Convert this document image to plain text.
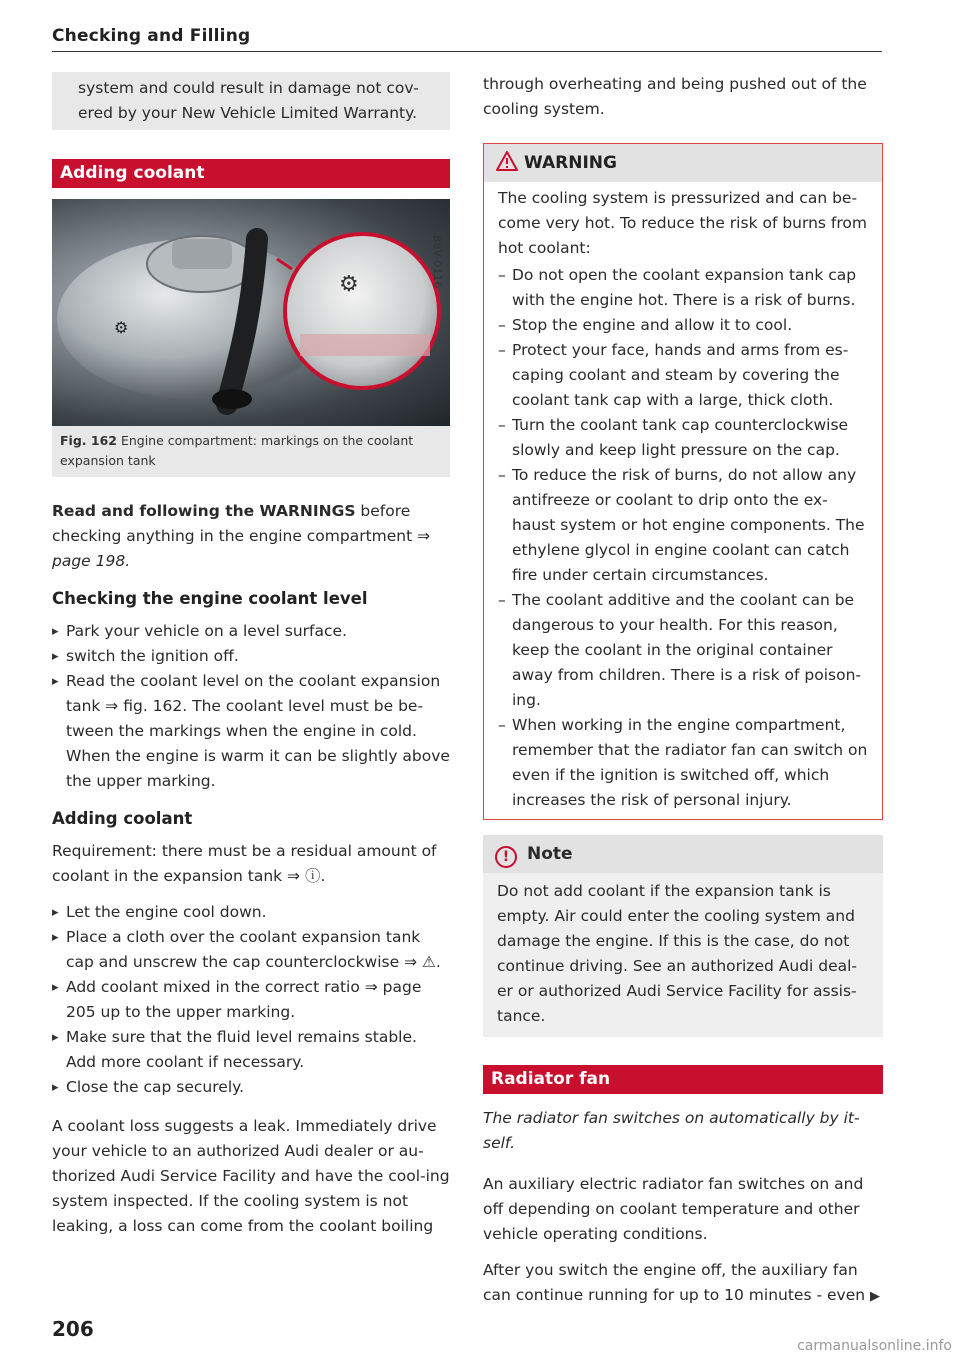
Checking and Filling

system and could result in damage not cov-ered by your New Vehicle Limited Warranty.

Adding coolant
⚙
⚙	B8V-0116
Fig. 162 Engine compartment: markings on the coolant expansion tank

Read and following the WARNINGS before checking anything in the engine compartment ⇒ page 198.

Checking the engine coolant level
▸ Park your vehicle on a level surface.
▸ switch the ignition off.
▸ Read the coolant level on the coolant expansion tank ⇒ fig. 162. The coolant level must be be-tween the markings when the engine in cold. When the engine is warm it can be slightly above the upper marking.
Adding coolant

Requirement: there must be a residual amount of coolant in the expansion tank ⇒ ⓘ.

▸ Let the engine cool down.
▸ Place a cloth over the coolant expansion tank cap and unscrew the cap counterclockwise ⇒ ⚠.
▸ Add coolant mixed in the correct ratio ⇒ page 205 up to the upper marking.
▸ Make sure that the fluid level remains stable. Add more coolant if necessary.
▸ Close the cap securely.

A coolant loss suggests a leak. Immediately drive your vehicle to an authorized Audi dealer or au-thorized Audi Service Facility and have the cool-ing system inspected. If the cooling system is not leaking, a loss can come from the coolant boiling

through overheating and being pushed out of the cooling system.

WARNING

The cooling system is pressurized and can be-come very hot. To reduce the risk of burns from hot coolant:

– Do not open the coolant expansion tank cap with the engine hot. There is a risk of burns.
– Stop the engine and allow it to cool.
– Protect your face, hands and arms from es-caping coolant and steam by covering the coolant tank cap with a large, thick cloth.
– Turn the coolant tank cap counterclockwise slowly and keep light pressure on the cap.
– To reduce the risk of burns, do not allow any antifreeze or coolant to drip onto the ex-haust system or hot engine components. The ethylene glycol in engine coolant can catch fire under certain circumstances.
– The coolant additive and the coolant can be dangerous to your health. For this reason, keep the coolant in the original container away from children. There is a risk of poison-ing.
– When working in the engine compartment, remember that the radiator fan can switch on even if the ignition is switched off, which increases the risk of personal injury.
! Note

Do not add coolant if the expansion tank is empty. Air could enter the cooling system and damage the engine. If this is the case, do not continue driving. See an authorized Audi deal-er or authorized Audi Service Facility for assis-tance.

Radiator fan

The radiator fan switches on automatically by it-self.

An auxiliary electric radiator fan switches on and off depending on coolant temperature and other vehicle operating conditions.

After you switch the engine off, the auxiliary fan can continue running for up to 10 minutes - even ▶

206
carmanualsonline.info
